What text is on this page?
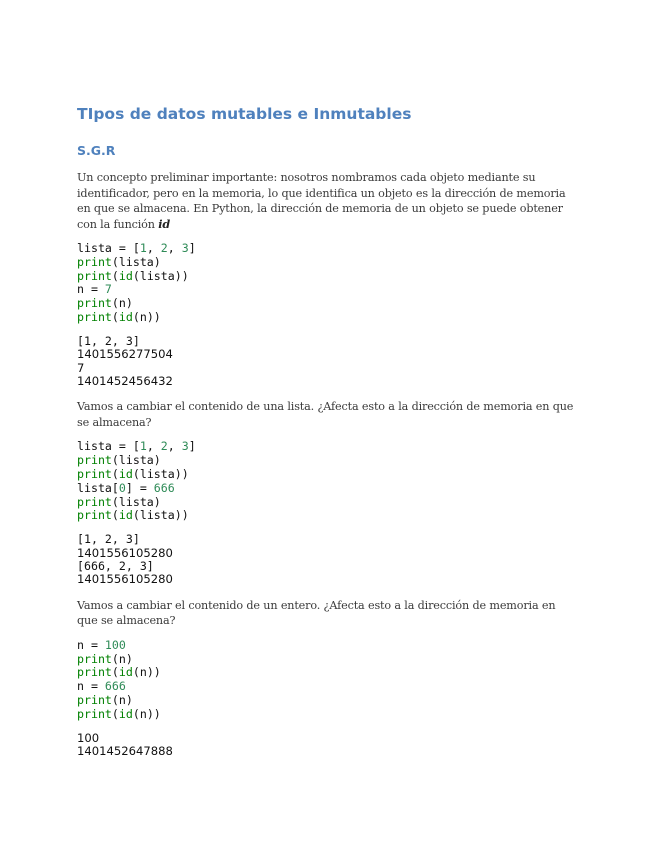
TIpos de datos mutables e Inmutables
S.G.R

Un concepto preliminar importante: nosotros nombramos cada objeto mediante su identificador, pero en la memoria, lo que identifica un objeto es la dirección de memoria en que se almacena. En Python, la dirección de memoria de un objeto se puede obtener con la función id

lista = [1, 2, 3]
print(lista)
print(id(lista))
n = 7
print(n)
print(id(n))
[1, 2, 3]
1401556277504
7
1401452456432

Vamos a cambiar el contenido de una lista. ¿Afecta esto a la dirección de memoria en que se almacena?

lista = [1, 2, 3]
print(lista)
print(id(lista))
lista[0] = 666
print(lista)
print(id(lista))
[1, 2, 3]
1401556105280
[666, 2, 3]
1401556105280

Vamos a cambiar el contenido de un entero. ¿Afecta esto a la dirección de memoria en que se almacena?

n = 100
print(n)
print(id(n))
n = 666
print(n)
print(id(n))
100
1401452647888
